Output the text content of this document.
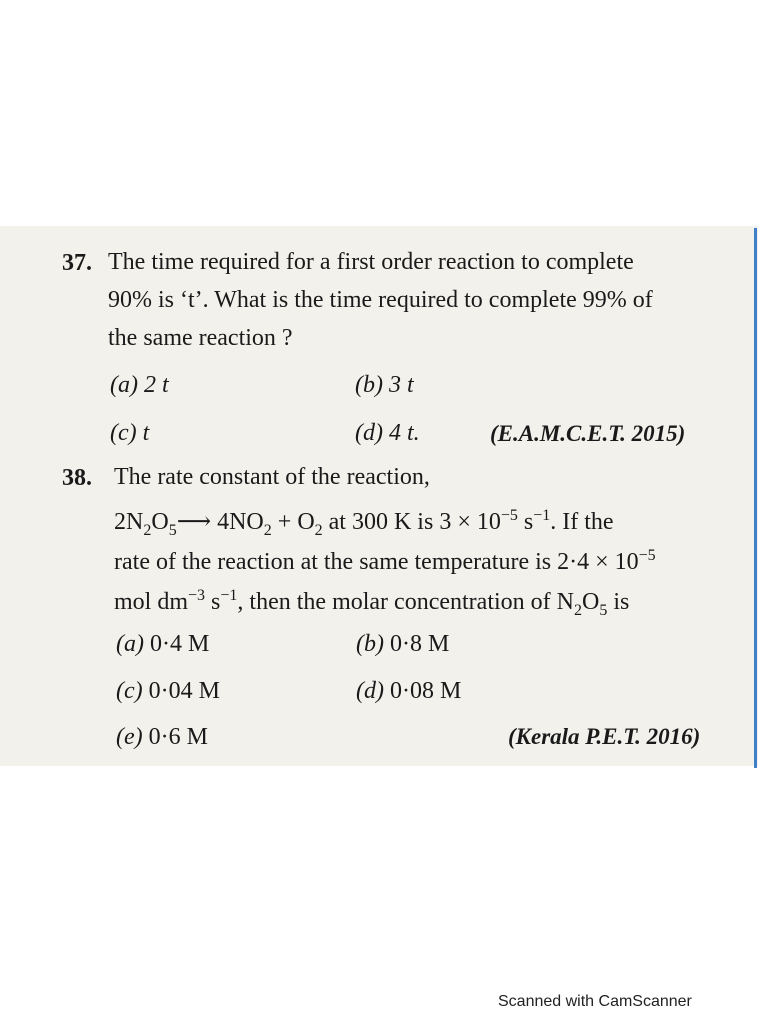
37. The time required for a first order reaction to complete
90% is ‘t’. What is the time required to complete 99% of
the same reaction ?
(a) 2 t	(b) 3 t
(c) t	(d) 4 t.	(E.A.M.C.E.T. 2015)
38. The rate constant of the reaction,
$2N_2O_5⟶$ $4NO_2 + O_2$ at 300 K is $3 \times 10^{-5}$ $s^{-1}$. If the
rate of the reaction at the same temperature is $2\cdot 4 \times 10^{-5}$
mol $dm^{-3}$ $s^{-1}$, then the molar concentration of $N_2O_5$ is
(a) 0·4 M	(b) 0·8 M
(c) 0·04 M	(d) 0·08 M
(e) 0·6 M	(Kerala P.E.T. 2016)
Scanned with CamScanner
